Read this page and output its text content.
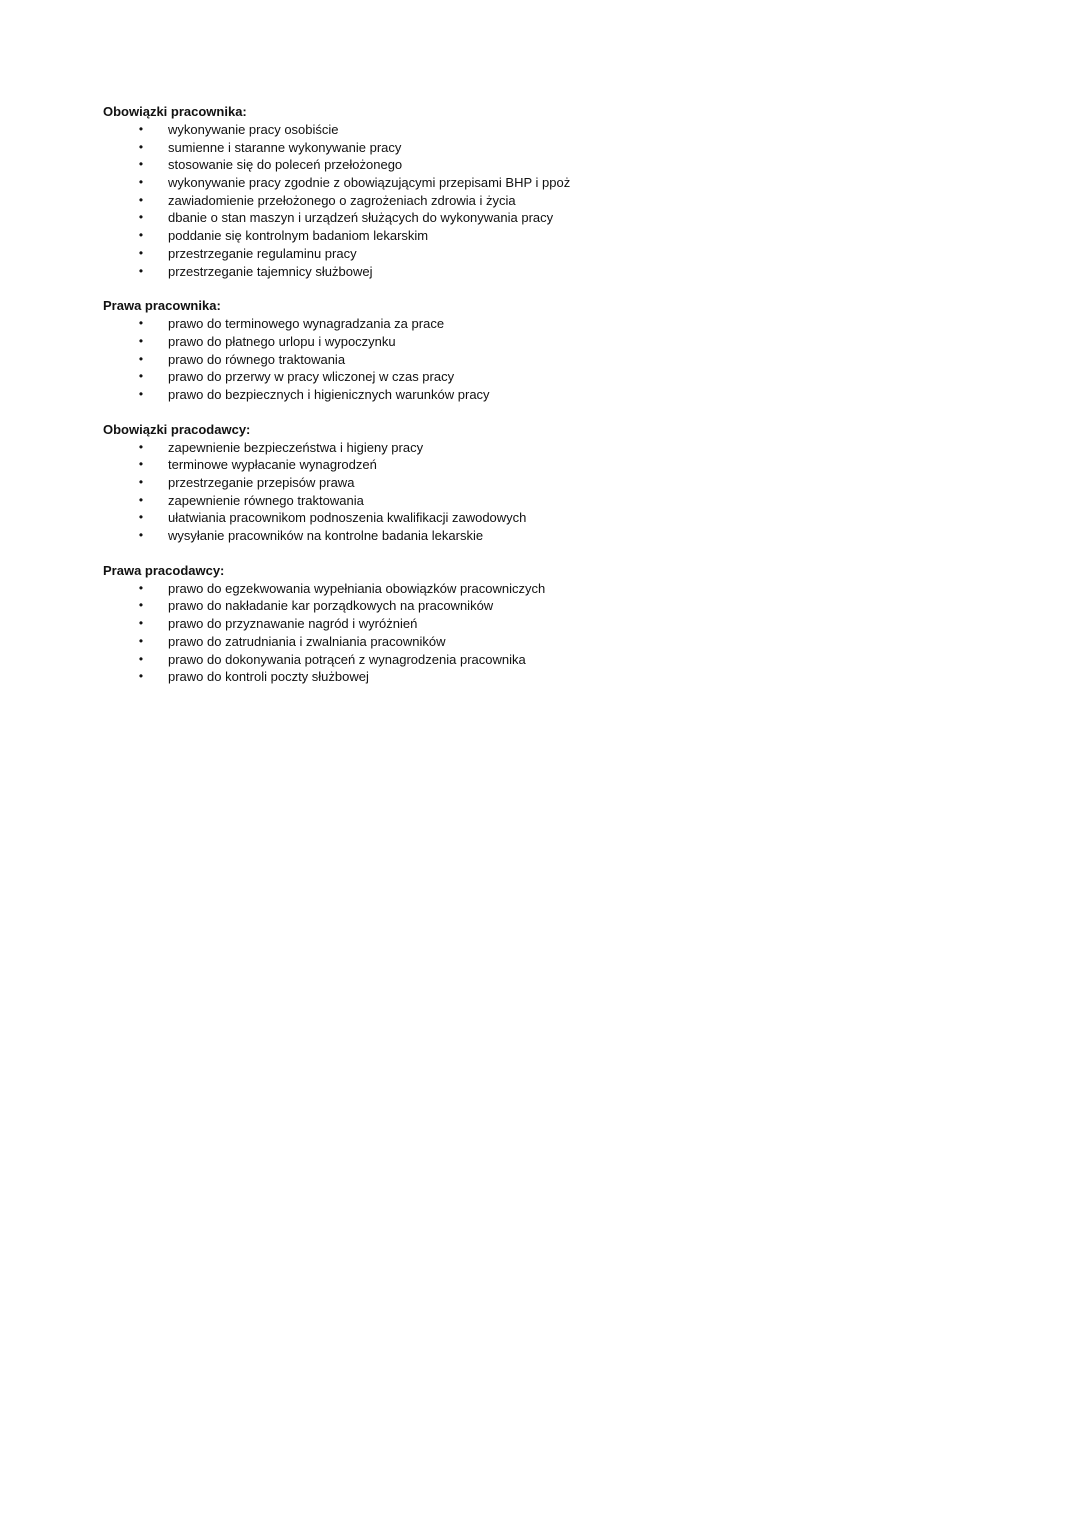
Obowiązki pracownika:
• wykonywanie pracy osobiście
• sumienne i staranne wykonywanie pracy
• stosowanie się do poleceń przełożonego
• wykonywanie pracy zgodnie z obowiązującymi przepisami BHP i ppoż
• zawiadomienie przełożonego o zagrożeniach zdrowia i życia
• dbanie o stan maszyn i urządzeń służących do wykonywania pracy
• poddanie się kontrolnym badaniom lekarskim
• przestrzeganie regulaminu pracy
• przestrzeganie tajemnicy służbowej
Prawa pracownika:
• prawo do terminowego wynagradzania za prace
• prawo do płatnego urlopu i wypoczynku
• prawo do równego traktowania
• prawo do przerwy w pracy wliczonej w czas pracy
• prawo do bezpiecznych i higienicznych warunków pracy
Obowiązki pracodawcy:
• zapewnienie bezpieczeństwa i higieny pracy
• terminowe wypłacanie wynagrodzeń
• przestrzeganie przepisów prawa
• zapewnienie równego traktowania
• ułatwiania pracownikom podnoszenia kwalifikacji zawodowych
• wysyłanie pracowników na kontrolne badania lekarskie
Prawa pracodawcy:
• prawo do egzekwowania wypełniania obowiązków pracowniczych
• prawo do nakładanie kar porządkowych na pracowników
• prawo do przyznawanie nagród i wyróżnień
• prawo do zatrudniania i zwalniania pracowników
• prawo do dokonywania potrąceń z wynagrodzenia pracownika
• prawo do kontroli poczty służbowej
